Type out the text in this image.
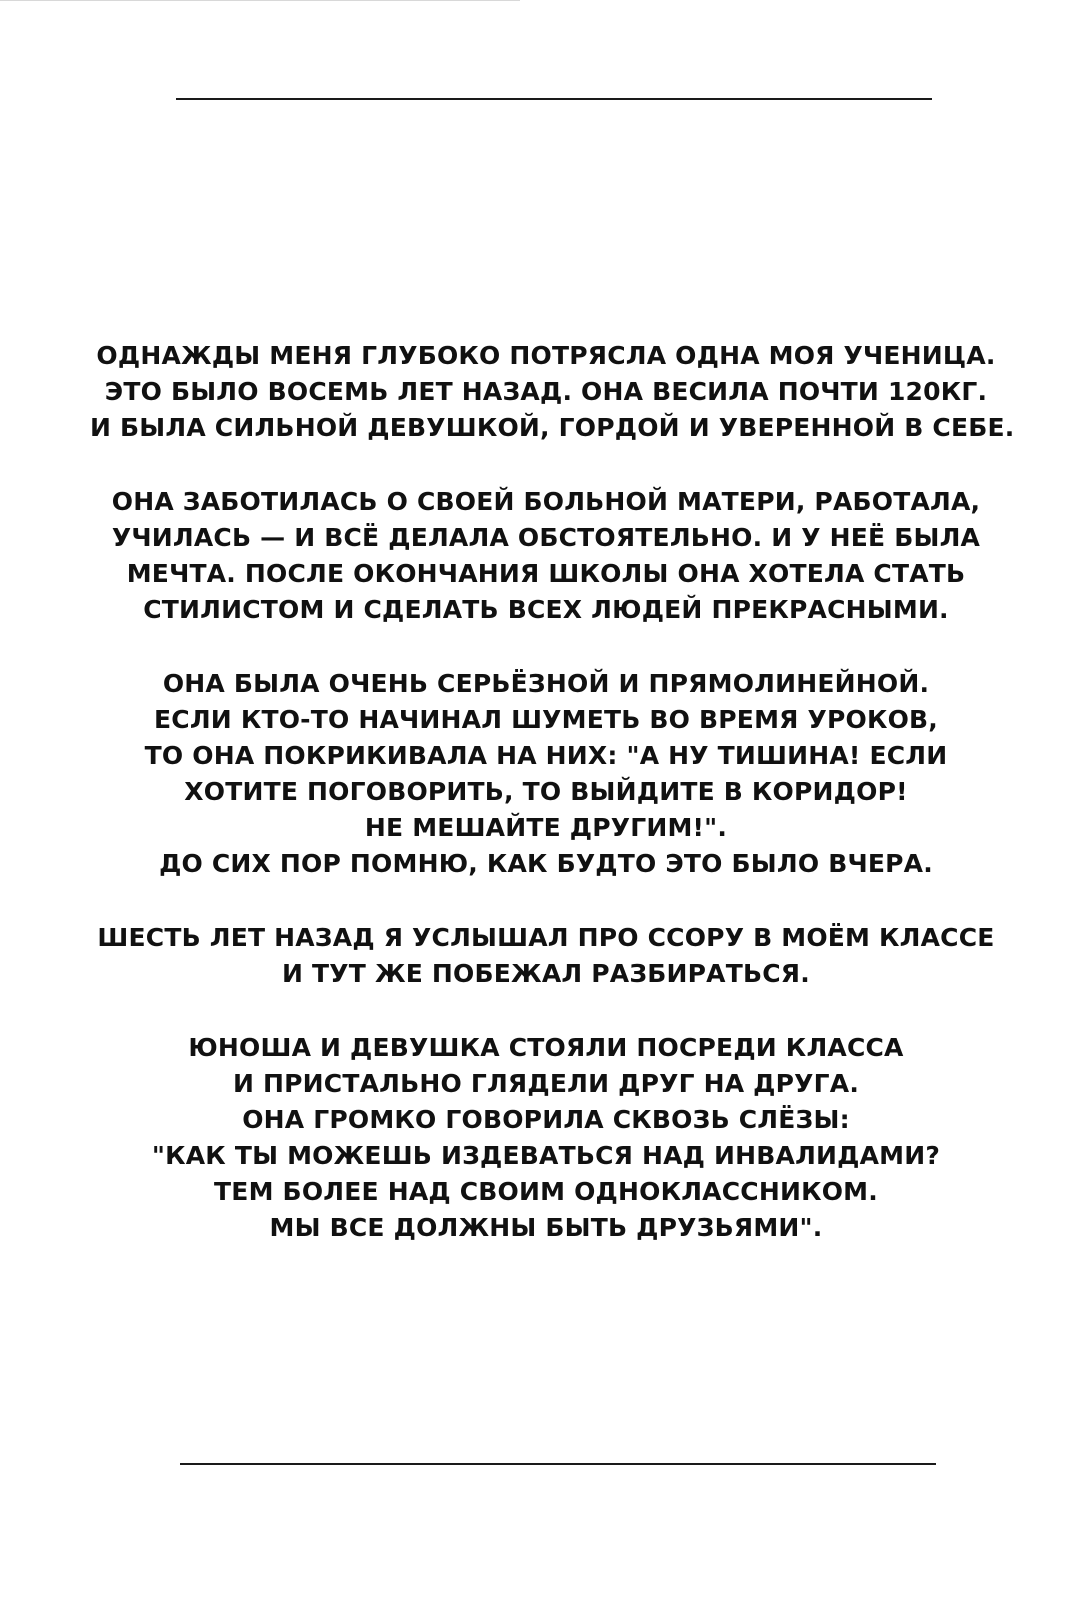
ОДНАЖДЫ МЕНЯ ГЛУБОКО ПОТРЯСЛА ОДНА МОЯ УЧЕНИЦА.
ЭТО БЫЛО ВОСЕМЬ ЛЕТ НАЗАД. ОНА ВЕСИЛА ПОЧТИ 120КГ.
И БЫЛА СИЛЬНОЙ ДЕВУШКОЙ, ГОРДОЙ И УВЕРЕННОЙ В СЕБЕ.

ОНА ЗАБОТИЛАСЬ О СВОЕЙ БОЛЬНОЙ МАТЕРИ, РАБОТАЛА,
УЧИЛАСЬ — И ВСЁ ДЕЛАЛА ОБСТОЯТЕЛЬНО. И У НЕЁ БЫЛА
МЕЧТА. ПОСЛЕ ОКОНЧАНИЯ ШКОЛЫ ОНА ХОТЕЛА СТАТЬ
СТИЛИСТОМ И СДЕЛАТЬ ВСЕХ ЛЮДЕЙ ПРЕКРАСНЫМИ.

ОНА БЫЛА ОЧЕНЬ СЕРЬЁЗНОЙ И ПРЯМОЛИНЕЙНОЙ.
ЕСЛИ КТО-ТО НАЧИНАЛ ШУМЕТЬ ВО ВРЕМЯ УРОКОВ,
ТО ОНА ПОКРИКИВАЛА НА НИХ: "А НУ ТИШИНА! ЕСЛИ
ХОТИТЕ ПОГОВОРИТЬ, ТО ВЫЙДИТЕ В КОРИДОР!
НЕ МЕШАЙТЕ ДРУГИМ!".
ДО СИХ ПОР ПОМНЮ, КАК БУДТО ЭТО БЫЛО ВЧЕРА.

ШЕСТЬ ЛЕТ НАЗАД Я УСЛЫШАЛ ПРО ССОРУ В МОЁМ КЛАССЕ
И ТУТ ЖЕ ПОБЕЖАЛ РАЗБИРАТЬСЯ.

ЮНОША И ДЕВУШКА СТОЯЛИ ПОСРЕДИ КЛАССА
И ПРИСТАЛЬНО ГЛЯДЕЛИ ДРУГ НА ДРУГА.
ОНА ГРОМКО ГОВОРИЛА СКВОЗЬ СЛЁЗЫ:
"КАК ТЫ МОЖЕШЬ ИЗДЕВАТЬСЯ НАД ИНВАЛИДАМИ?
ТЕМ БОЛЕЕ НАД СВОИМ ОДНОКЛАССНИКОМ.
МЫ ВСЕ ДОЛЖНЫ БЫТЬ ДРУЗЬЯМИ".
